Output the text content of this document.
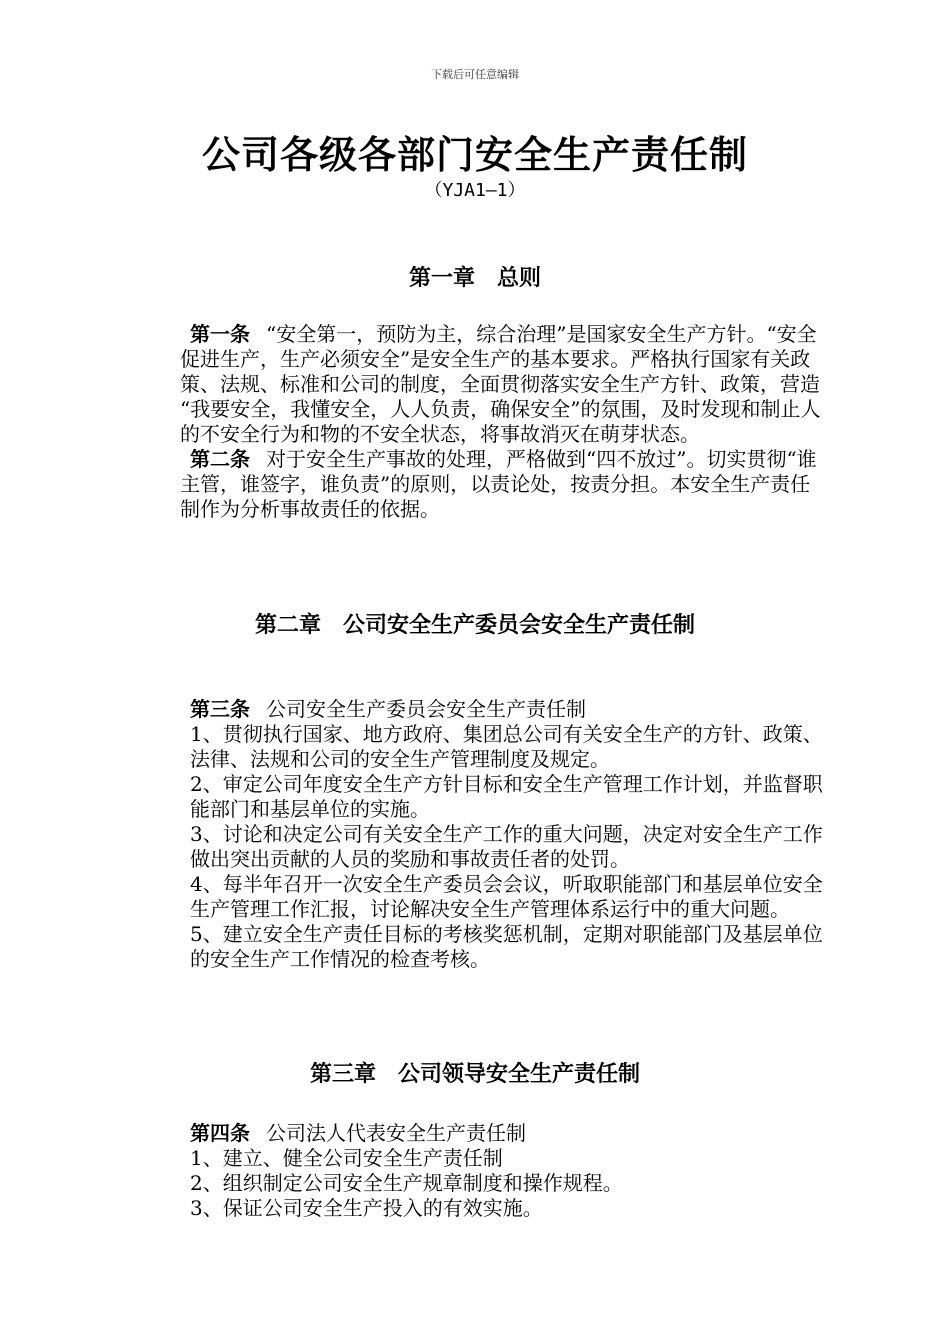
下载后可任意编辑
公司各级各部门安全生产责任制
（YJA1—1）
第一章 总则

第一条 “安全第一，预防为主，综合治理”是国家安全生产方针。“安全促进生产，生产必须安全”是安全生产的基本要求。严格执行国家有关政策、法规、标准和公司的制度，全面贯彻落实安全生产方针、政策，营造 “我要安全，我懂安全，人人负责，确保安全”的氛围，及时发现和制止人的不安全行为和物的不安全状态，将事故消灭在萌芽状态。

第二条 对于安全生产事故的处理，严格做到“四不放过”。切实贯彻“谁主管，谁签字，谁负责”的原则，以责论处，按责分担。本安全生产责任制作为分析事故责任的依据。

第二章 公司安全生产委员会安全生产责任制

第三条 公司安全生产委员会安全生产责任制

1、贯彻执行国家、地方政府、集团总公司有关安全生产的方针、政策、法律、法规和公司的安全生产管理制度及规定。

2、审定公司年度安全生产方针目标和安全生产管理工作计划，并监督职能部门和基层单位的实施。

3、讨论和决定公司有关安全生产工作的重大问题，决定对安全生产工作做出突出贡献的人员的奖励和事故责任者的处罚。

4、每半年召开一次安全生产委员会会议，听取职能部门和基层单位安全生产管理工作汇报，讨论解决安全生产管理体系运行中的重大问题。

5、建立安全生产责任目标的考核奖惩机制，定期对职能部门及基层单位的安全生产工作情况的检查考核。

第三章 公司领导安全生产责任制

第四条 公司法人代表安全生产责任制

1、建立、健全公司安全生产责任制

2、组织制定公司安全生产规章制度和操作规程。

3、保证公司安全生产投入的有效实施。
